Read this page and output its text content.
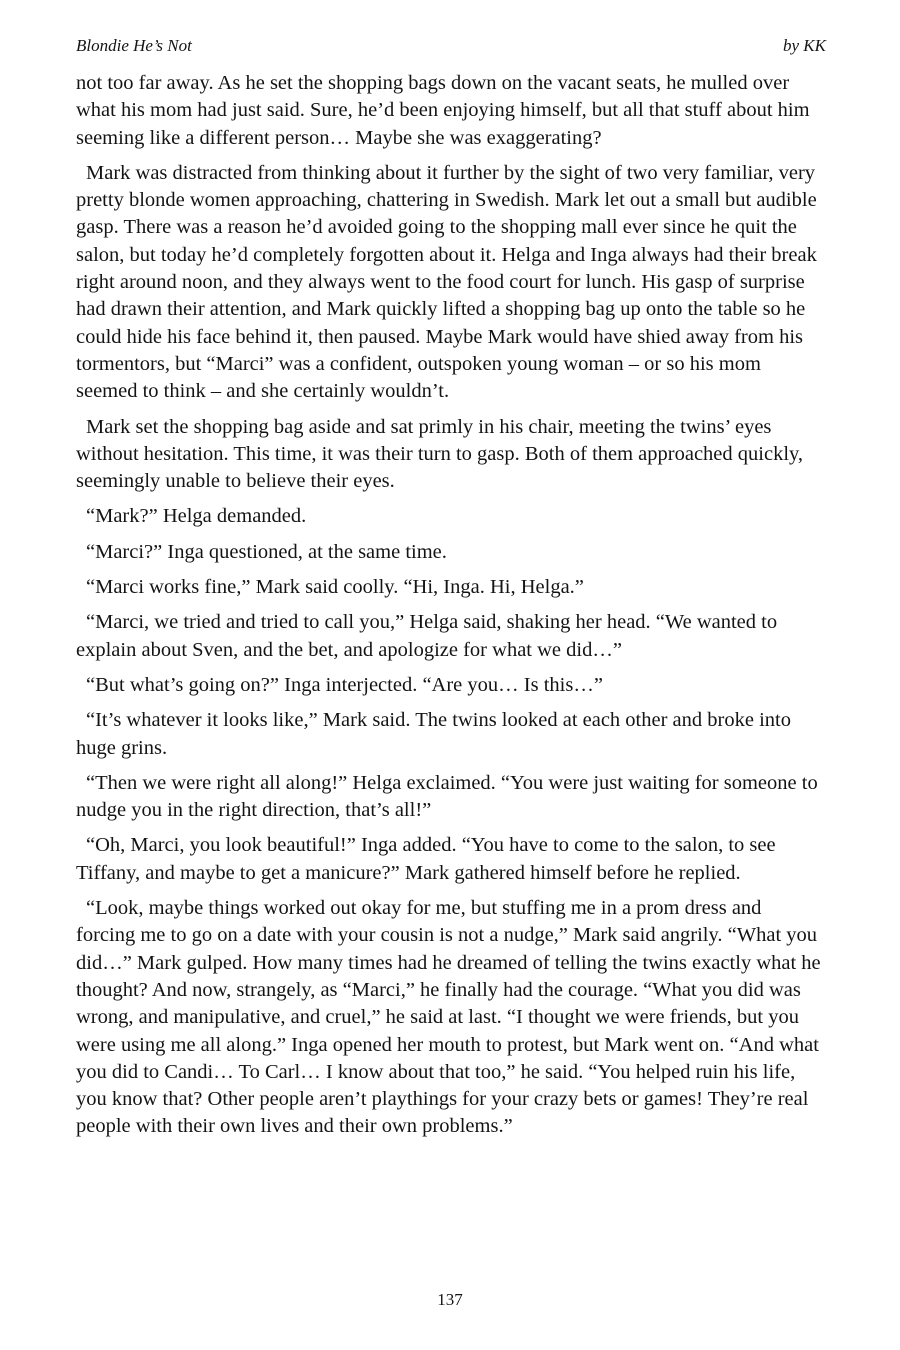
Blondie He’s Not	by KK

not too far away. As he set the shopping bags down on the vacant seats, he mulled over what his mom had just said. Sure, he’d been enjoying himself, but all that stuff about him seeming like a different person… Maybe she was exaggerating?

Mark was distracted from thinking about it further by the sight of two very familiar, very pretty blonde women approaching, chattering in Swedish. Mark let out a small but audible gasp. There was a reason he’d avoided going to the shopping mall ever since he quit the salon, but today he’d completely forgotten about it. Helga and Inga always had their break right around noon, and they always went to the food court for lunch. His gasp of surprise had drawn their attention, and Mark quickly lifted a shopping bag up onto the table so he could hide his face behind it, then paused. Maybe Mark would have shied away from his tormentors, but “Marci” was a confident, outspoken young woman – or so his mom seemed to think – and she certainly wouldn’t.

Mark set the shopping bag aside and sat primly in his chair, meeting the twins’ eyes without hesitation. This time, it was their turn to gasp. Both of them approached quickly, seemingly unable to believe their eyes.

“Mark?” Helga demanded.

“Marci?” Inga questioned, at the same time.

“Marci works fine,” Mark said coolly. “Hi, Inga. Hi, Helga.”

“Marci, we tried and tried to call you,” Helga said, shaking her head. “We wanted to explain about Sven, and the bet, and apologize for what we did…”

“But what’s going on?” Inga interjected. “Are you… Is this…”

“It’s whatever it looks like,” Mark said. The twins looked at each other and broke into huge grins.

“Then we were right all along!” Helga exclaimed. “You were just waiting for someone to nudge you in the right direction, that’s all!”

“Oh, Marci, you look beautiful!” Inga added. “You have to come to the salon, to see Tiffany, and maybe to get a manicure?” Mark gathered himself before he replied.

“Look, maybe things worked out okay for me, but stuffing me in a prom dress and forcing me to go on a date with your cousin is not a nudge,” Mark said angrily. “What you did…” Mark gulped. How many times had he dreamed of telling the twins exactly what he thought? And now, strangely, as “Marci,” he finally had the courage. “What you did was wrong, and manipulative, and cruel,” he said at last. “I thought we were friends, but you were using me all along.” Inga opened her mouth to protest, but Mark went on. “And what you did to Candi… To Carl… I know about that too,” he said. “You helped ruin his life, you know that? Other people aren’t playthings for your crazy bets or games! They’re real people with their own lives and their own problems.”

137
